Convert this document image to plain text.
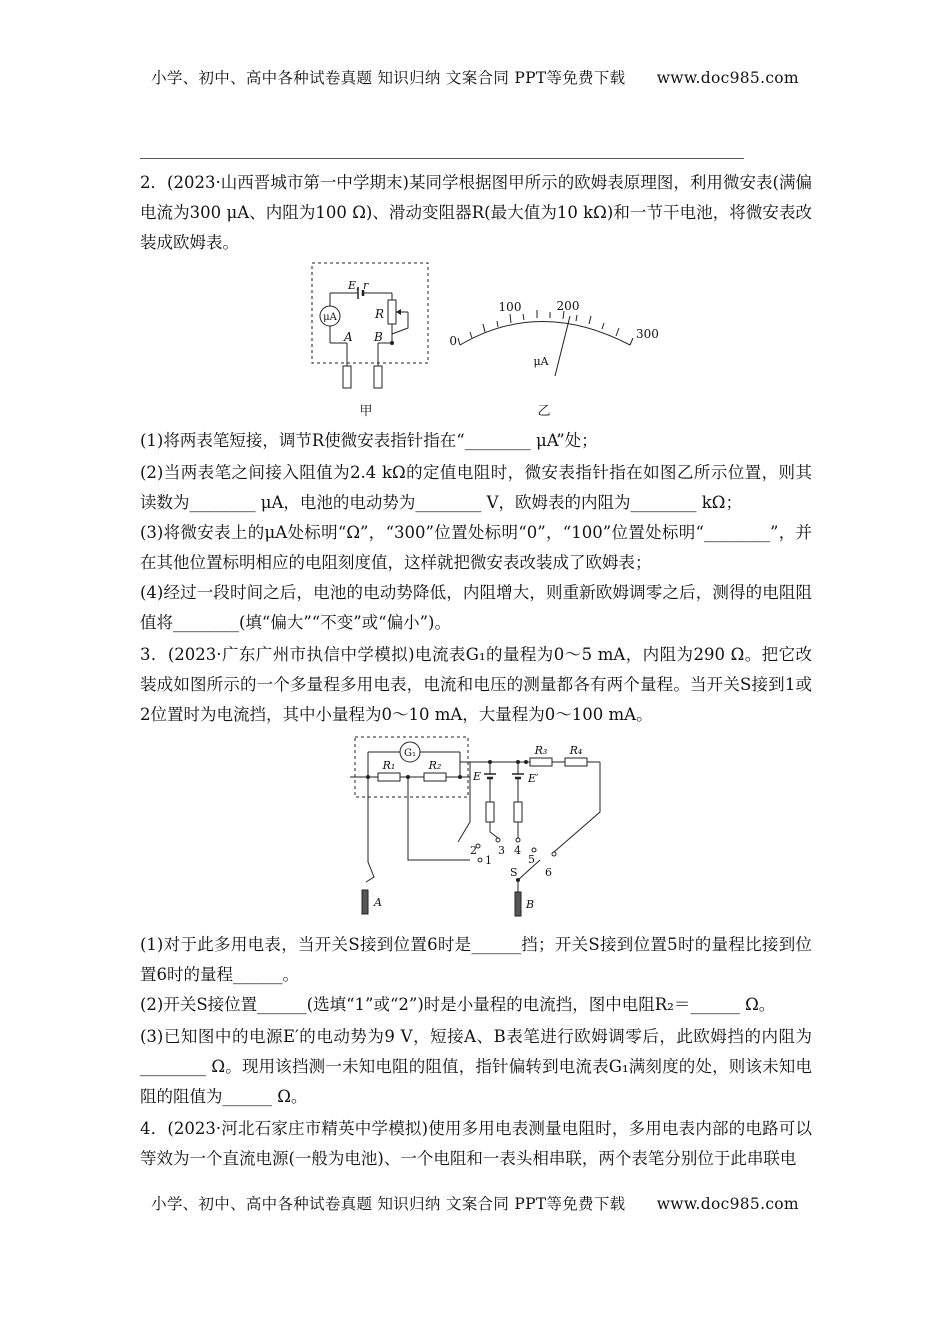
小学、初中、高中各种试卷真题 知识归纳 文案合同 PPT等免费下载 www.doc985.com

2．(2023·山西晋城市第一中学期末)某同学根据图甲所示的欧姆表原理图，利用微安表(满偏电流为300 μA、内阻为100 Ω)、滑动变阻器R(最大值为10 kΩ)和一节干电池，将微安表改装成欧姆表。

μA
E, r
R
A B
甲
0
100	200
300
μA
乙

(1)将两表笔短接，调节R使微安表指针指在“________ μA”处；

(2)当两表笔之间接入阻值为2.4 kΩ的定值电阻时，微安表指针指在如图乙所示位置，则其读数为________ μA，电池的电动势为________ V，欧姆表的内阻为________ kΩ；

(3)将微安表上的μA处标明“Ω”，“300”位置处标明“0”，“100”位置处标明“________”，并在其他位置标明相应的电阻刻度值，这样就把微安表改装成了欧姆表；

(4)经过一段时间之后，电池的电动势降低，内阻增大，则重新欧姆调零之后，测得的电阻阻值将________(填“偏大”“不变”或“偏小”)。

3．(2023·广东广州市执信中学模拟)电流表G₁的量程为0～5 mA，内阻为290 Ω。把它改装成如图所示的一个多量程多用电表，电流和电压的测量都各有两个量程。当开关S接到1或2位置时为电流挡，其中小量程为0～10 mA，大量程为0～100 mA。

G₁
R₁	R₂
R₃ R₄
E	E′
1
2 3 4
5
6
S
A	B

(1)对于此多用电表，当开关S接到位置6时是______挡；开关S接到位置5时的量程比接到位置6时的量程______。

(2)开关S接位置______(选填“1”或“2”)时是小量程的电流挡，图中电阻R₂＝______ Ω。

(3)已知图中的电源E′的电动势为9 V，短接A、B表笔进行欧姆调零后，此欧姆挡的内阻为________ Ω。现用该挡测一未知电阻的阻值，指针偏转到电流表G₁满刻度的处，则该未知电阻的阻值为______ Ω。

4．(2023·河北石家庄市精英中学模拟)使用多用电表测量电阻时，多用电表内部的电路可以等效为一个直流电源(一般为电池)、一个电阻和一表头相串联，两个表笔分别位于此串联电

小学、初中、高中各种试卷真题 知识归纳 文案合同 PPT等免费下载 www.doc985.com
